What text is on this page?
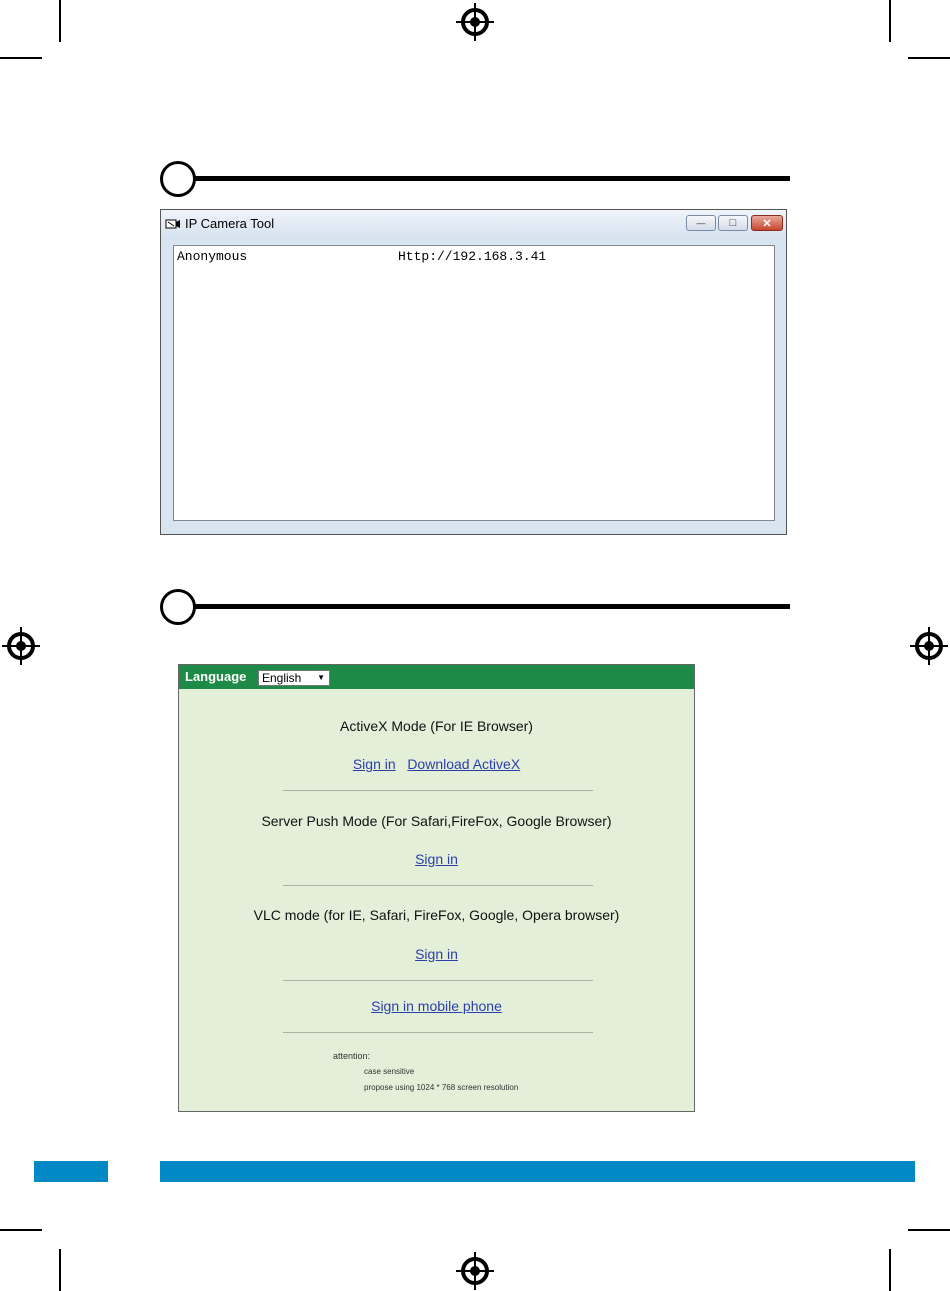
IP Camera Tool	— □ ✕
Anonymous	Http://192.168.3.41
Language	English ▼
ActiveX Mode (For IE Browser)
Sign in Download ActiveX
Server Push Mode (For Safari,FireFox, Google Browser)
Sign in
VLC mode (for IE, Safari, FireFox, Google, Opera browser)
Sign in
Sign in mobile phone
attention:
case sensitive
propose using 1024 * 768 screen resolution
